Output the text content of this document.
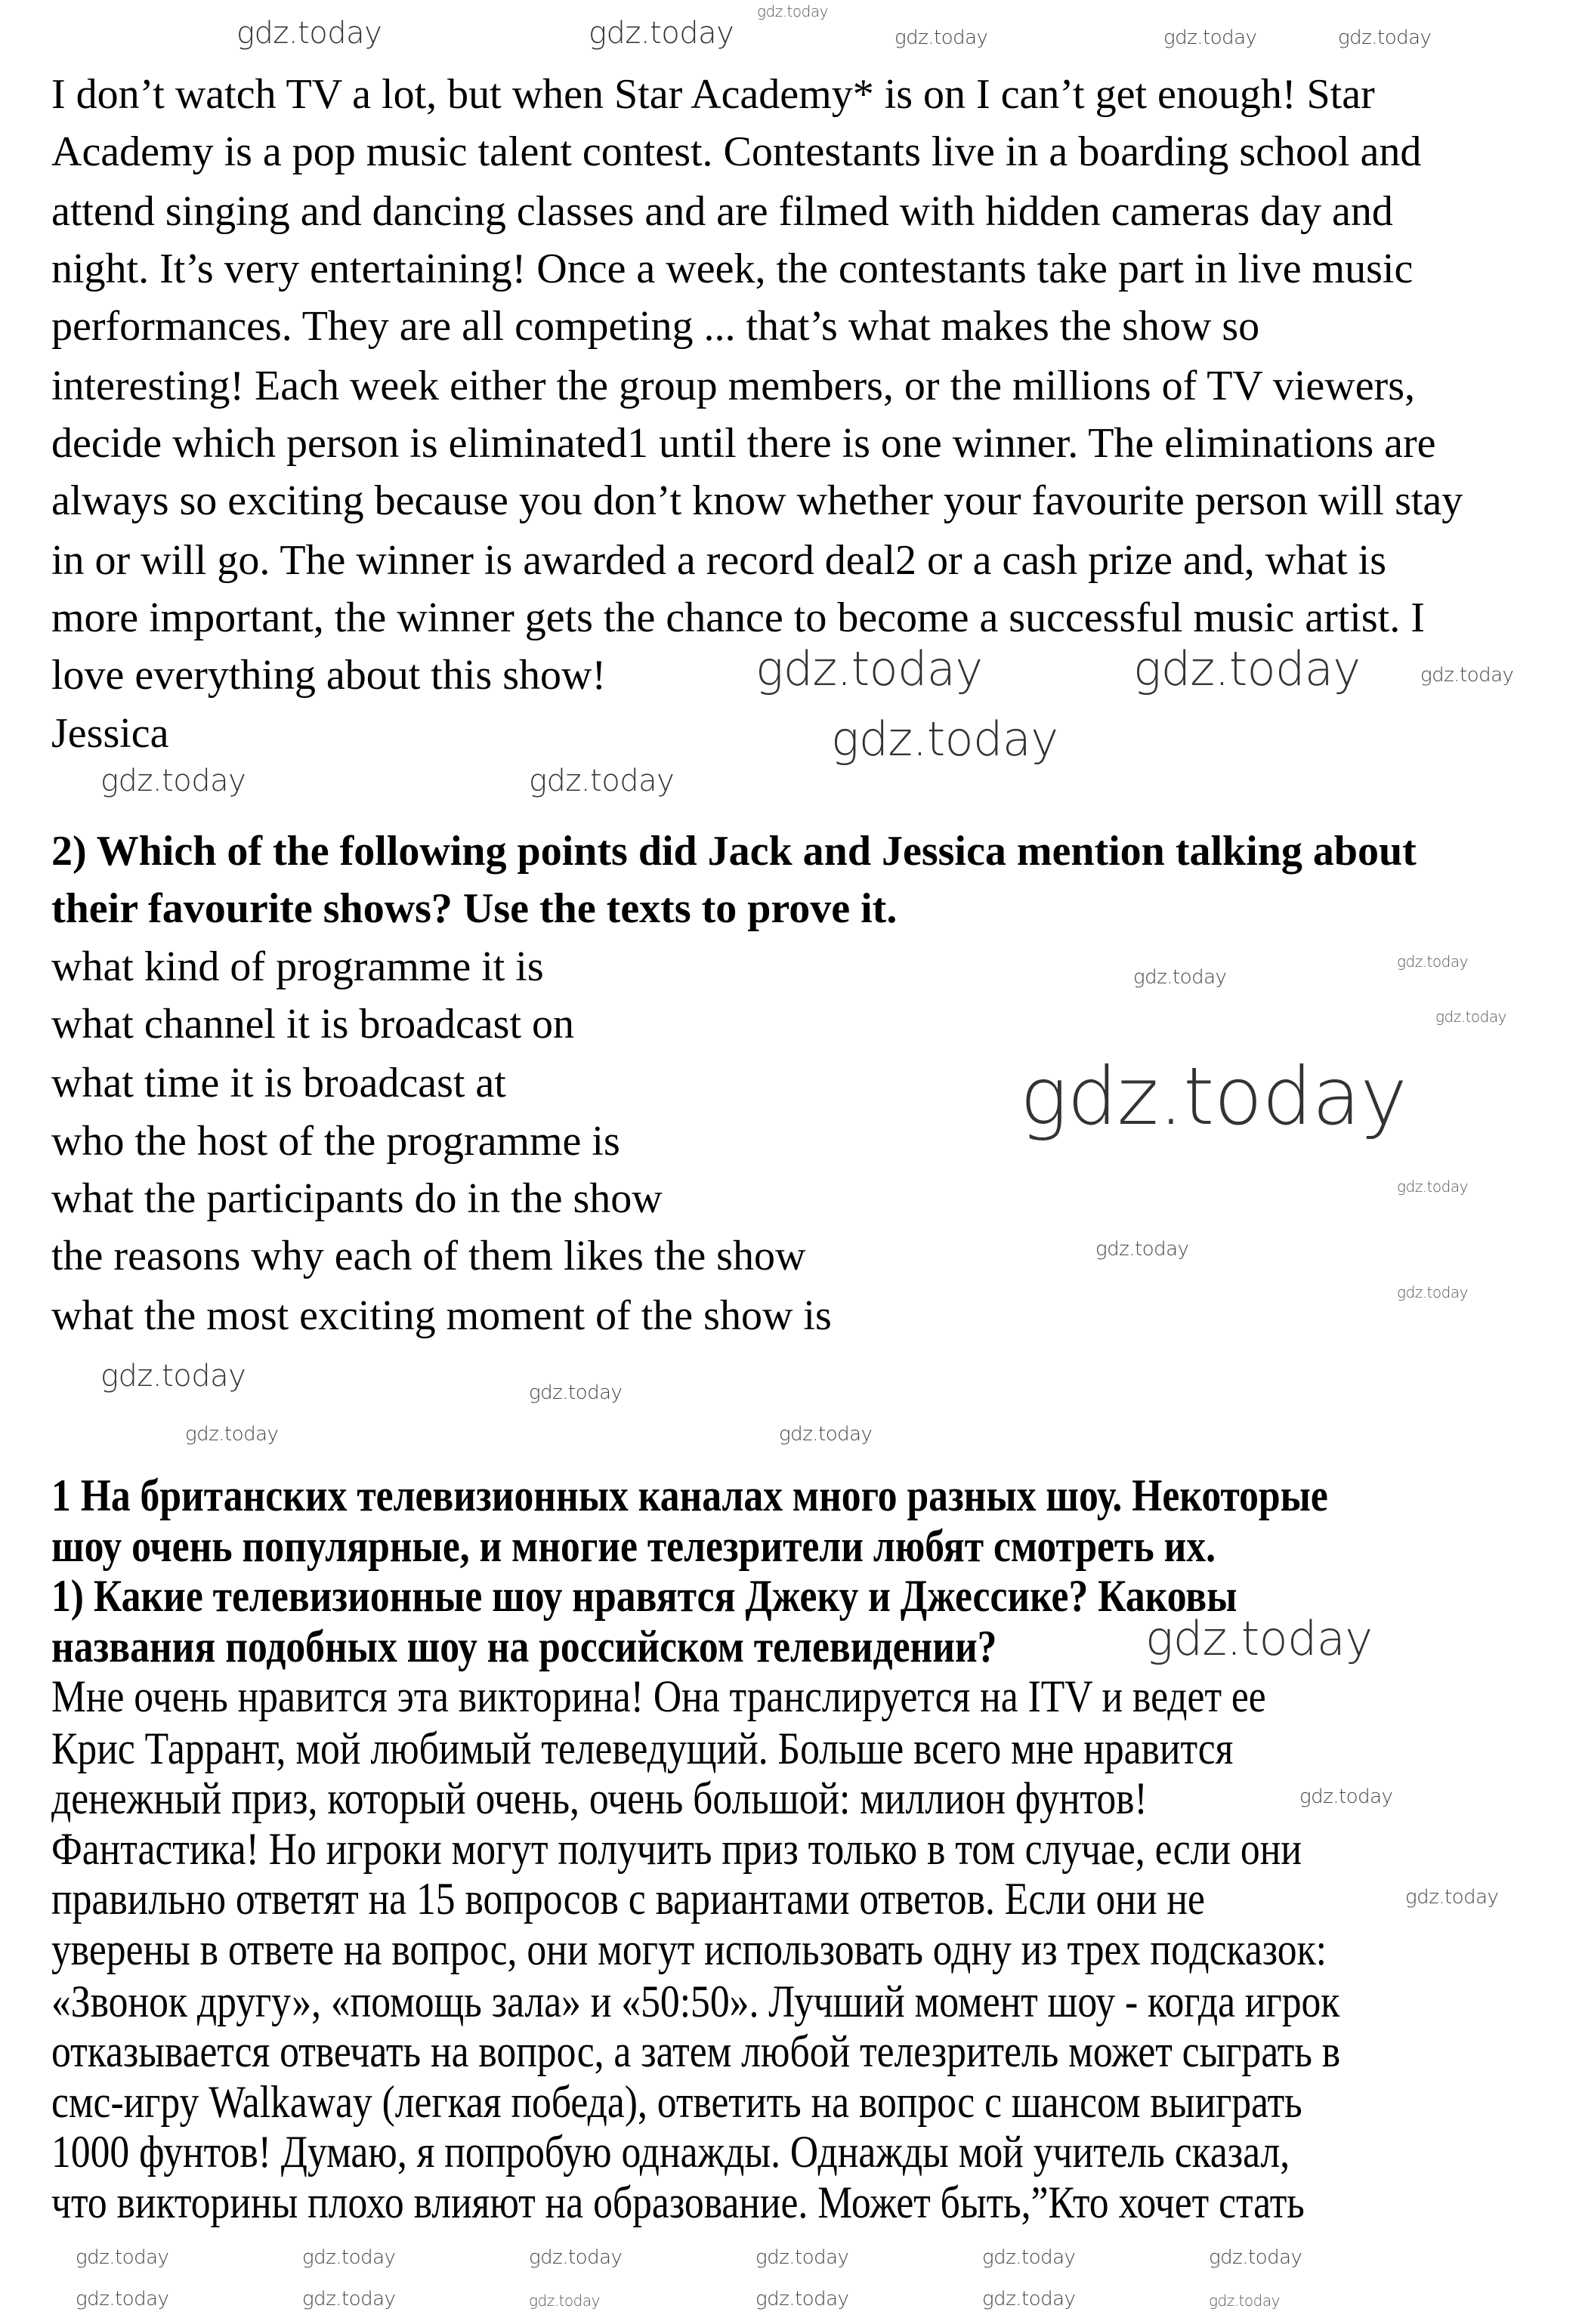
I don’t watch TV a lot, but when Star Academy* is on I can’t get enough! Star
Academy is a pop music talent contest. Contestants live in a boarding school and
attend singing and dancing classes and are filmed with hidden cameras day and
night. It’s very entertaining! Once a week, the contestants take part in live music
performances. They are all competing ... that’s what makes the show so
interesting! Each week either the group members, or the millions of TV viewers,
decide which person is eliminated1 until there is one winner. The eliminations are
always so exciting because you don’t know whether your favourite person will stay
in or will go. The winner is awarded a record deal2 or a cash prize and, what is
more important, the winner gets the chance to become a successful music artist. I
love everything about this show!
Jessica
2) Which of the following points did Jack and Jessica mention talking about
their favourite shows? Use the texts to prove it.
what kind of programme it is
what channel it is broadcast on
what time it is broadcast at
who the host of the programme is
what the participants do in the show
the reasons why each of them likes the show
what the most exciting moment of the show is
1 На британских телевизионных каналах много разных шоу. Некоторые
шоу очень популярные, и многие телезрители любят смотреть их.
1) Какие телевизионные шоу нравятся Джеку и Джессике? Каковы
названия подобных шоу на российском телевидении?
Мне очень нравится эта викторина! Она транслируется на ITV и ведет ее
Крис Таррант, мой любимый телеведущий. Больше всего мне нравится
денежный приз, который очень, очень большой: миллион фунтов!
Фантастика! Но игроки могут получить приз только в том случае, если они
правильно ответят на 15 вопросов с вариантами ответов. Если они не
уверены в ответе на вопрос, они могут использовать одну из трех подсказок:
«Звонок другу», «помощь зала» и «50:50». Лучший момент шоу - когда игрок
отказывается отвечать на вопрос, а затем любой телезритель может сыграть в
смс-игру Walkaway (легкая победа), ответить на вопрос с шансом выиграть
1000 фунтов! Думаю, я попробую однажды. Однажды мой учитель сказал,
что викторины плохо влияют на образование. Может быть,”Кто хочет стать
gdz.today
gdz.today	gdz.today	gdz.today
gdz.today
gdz.today
gdz.today
gdz.today
gdz.today
gdz.today	gdz.today
gdz.today
gdz.today
gdz.today
gdz.today
gdz.today
gdz.today
gdz.today
gdz.today
gdz.today	gdz.today
gdz.today
gdz.today	gdz.today
gdz.today
gdz.today
gdz.today	gdz.today	gdz.today	gdz.today	gdz.today	gdz.today
gdz.today	gdz.today	gdz.today	gdz.today	gdz.today	gdz.today
